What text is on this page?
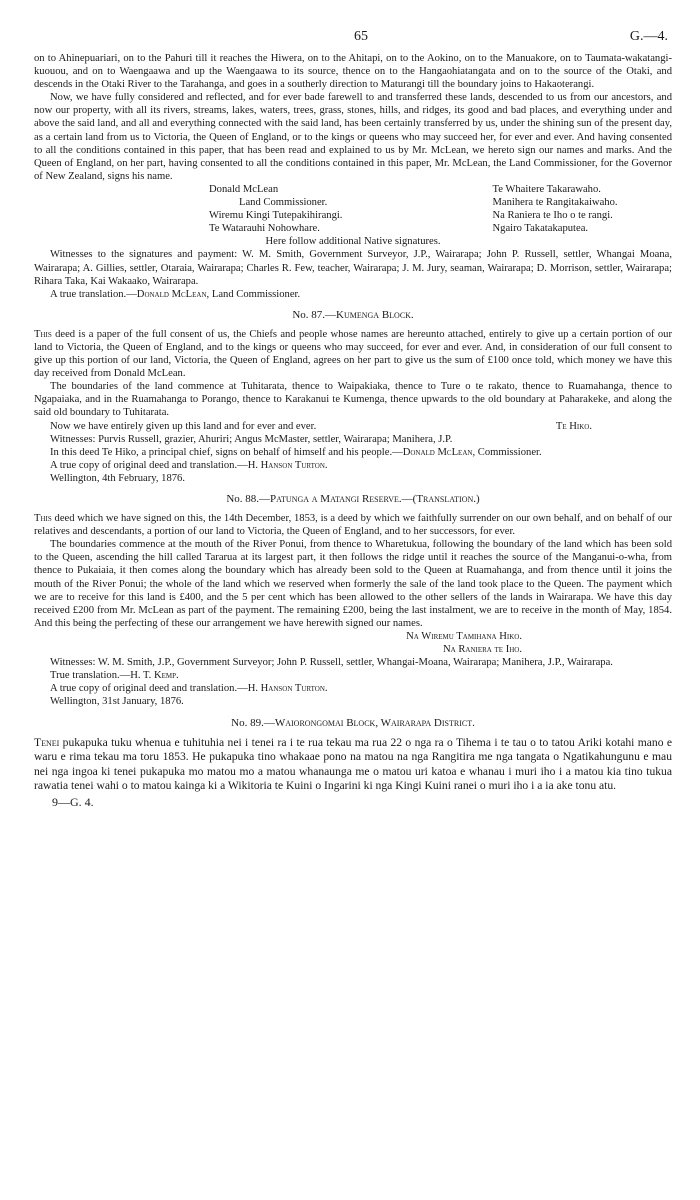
65	G.—4.

on to Ahinepuariari, on to the Pahuri till it reaches the Hiwera, on to the Ahitapi, on to the Aokino, on to the Manuakore, on to Taumata-wakatangi-kuouou, and on to Waengaawa and up the Waengaawa to its source, thence on to the Hangaohiatangata and on to the source of the Otaki, and descends in the Otaki River to the Tarahanga, and goes in a southerly direction to Maturangi till the boundary joins to Hakaoterangi.

Now, we have fully considered and reflected, and for ever bade farewell to and transferred these lands, descended to us from our ancestors, and now our property, with all its rivers, streams, lakes, waters, trees, grass, stones, hills, and ridges, its good and bad places, and everything under and above the said land, and all and everything connected with the said land, has been certainly transferred by us, under the shining sun of the present day, as a certain land from us to Victoria, the Queen of England, or to the kings or queens who may succeed her, for ever and ever. And having consented to all the conditions contained in this paper, that has been read and explained to us by Mr. McLean, we hereto sign our names and marks. And the Queen of England, on her part, having consented to all the conditions contained in this paper, Mr. McLean, the Land Commissioner, for the Governor of New Zealand, signs his name.

Donald McLean	Te Whaitere Takarawaho.
Land Commissioner.	Manihera te Rangitakaiwaho.
Wiremu Kingi Tutepakihirangi.	Na Raniera te Iho o te rangi.
Te Watarauhi Nohowhare.	Ngairo Takatakaputea.
Here follow additional Native signatures.

Witnesses to the signatures and payment: W. M. Smith, Government Surveyor, J.P., Wairarapa; John P. Russell, settler, Whangai Moana, Wairarapa; A. Gillies, settler, Otaraia, Wairarapa; Charles R. Few, teacher, Wairarapa; J. M. Jury, seaman, Wairarapa; D. Morrison, settler, Wairarapa; Rihara Taka, Kai Wakaako, Wairarapa.

A true translation.—Donald McLean, Land Commissioner.

No. 87.—Kumenga Block.

This deed is a paper of the full consent of us, the Chiefs and people whose names are hereunto attached, entirely to give up a certain portion of our land to Victoria, the Queen of England, and to the kings or queens who may succeed, for ever and ever. And, in consideration of our full consent to give up this portion of our land, Victoria, the Queen of England, agrees on her part to give us the sum of £100 once told, which money we have this day received from Donald McLean.

The boundaries of the land commence at Tuhitarata, thence to Waipakiaka, thence to Ture o te rakato, thence to Ruamahanga, thence to Ngapaiaka, and in the Ruamahanga to Porango, thence to Karakanui te Kumenga, thence upwards to the old boundary at Paharakeke, and along the said old boundary to Tuhitarata.

Now we have entirely given up this land and for ever and ever.	Te Hiko.

Witnesses: Purvis Russell, grazier, Ahuriri; Angus McMaster, settler, Wairarapa; Manihera, J.P.

In this deed Te Hiko, a principal chief, signs on behalf of himself and his people.—Donald McLean, Commissioner.

A true copy of original deed and translation.—H. Hanson Turton.

Wellington, 4th February, 1876.

No. 88.—Patunga a Matangi Reserve.—(Translation.)

This deed which we have signed on this, the 14th December, 1853, is a deed by which we faithfully surrender on our own behalf, and on behalf of our relatives and descendants, a portion of our land to Victoria, the Queen of England, and to her successors, for ever.

The boundaries commence at the mouth of the River Ponui, from thence to Wharetukua, following the boundary of the land which has been sold to the Queen, ascending the hill called Tararua at its largest part, it then follows the ridge until it reaches the source of the Manganui-o-wha, from thence to Pukaiaia, it then comes along the boundary which has already been sold to the Queen at Ruamahanga, and from thence until it joins the mouth of the River Ponui; the whole of the land which we reserved when formerly the sale of the land took place to the Queen. The payment which we are to receive for this land is £400, and the 5 per cent which has been allowed to the other sellers of the lands in Wairarapa. We have this day received £200 from Mr. McLean as part of the payment. The remaining £200, being the last instalment, we are to receive in the month of May, 1854. And this being the perfecting of these our arrangement we have herewith signed our names.

Na Wiremu Tamihana Hiko.
Na Raniera te Iho.

Witnesses: W. M. Smith, J.P., Government Surveyor; John P. Russell, settler, Whangai-Moana, Wairarapa; Manihera, J.P., Wairarapa.

True translation.—H. T. Kemp.

A true copy of original deed and translation.—H. Hanson Turton.

Wellington, 31st January, 1876.

No. 89.—Waiorongomai Block, Wairarapa District.

Tenei pukapuka tuku whenua e tuhituhia nei i tenei ra i te rua tekau ma rua 22 o nga ra o Tihema i te tau o to tatou Ariki kotahi mano e waru e rima tekau ma toru 1853. He pukapuka tino whakaae pono na matou na nga Rangitira me nga tangata o Ngatikahungunu e mau nei nga ingoa ki tenei pukapuka mo matou mo a matou whanaunga me o matou uri katoa e whanau i muri iho i a matou kia tino tukua rawatia tenei wahi o to matou kainga ki a Wikitoria te Kuini o Ingarini ki nga Kingi Kuini ranei o muri iho i a ia ake tonu atu.

9—G. 4.
